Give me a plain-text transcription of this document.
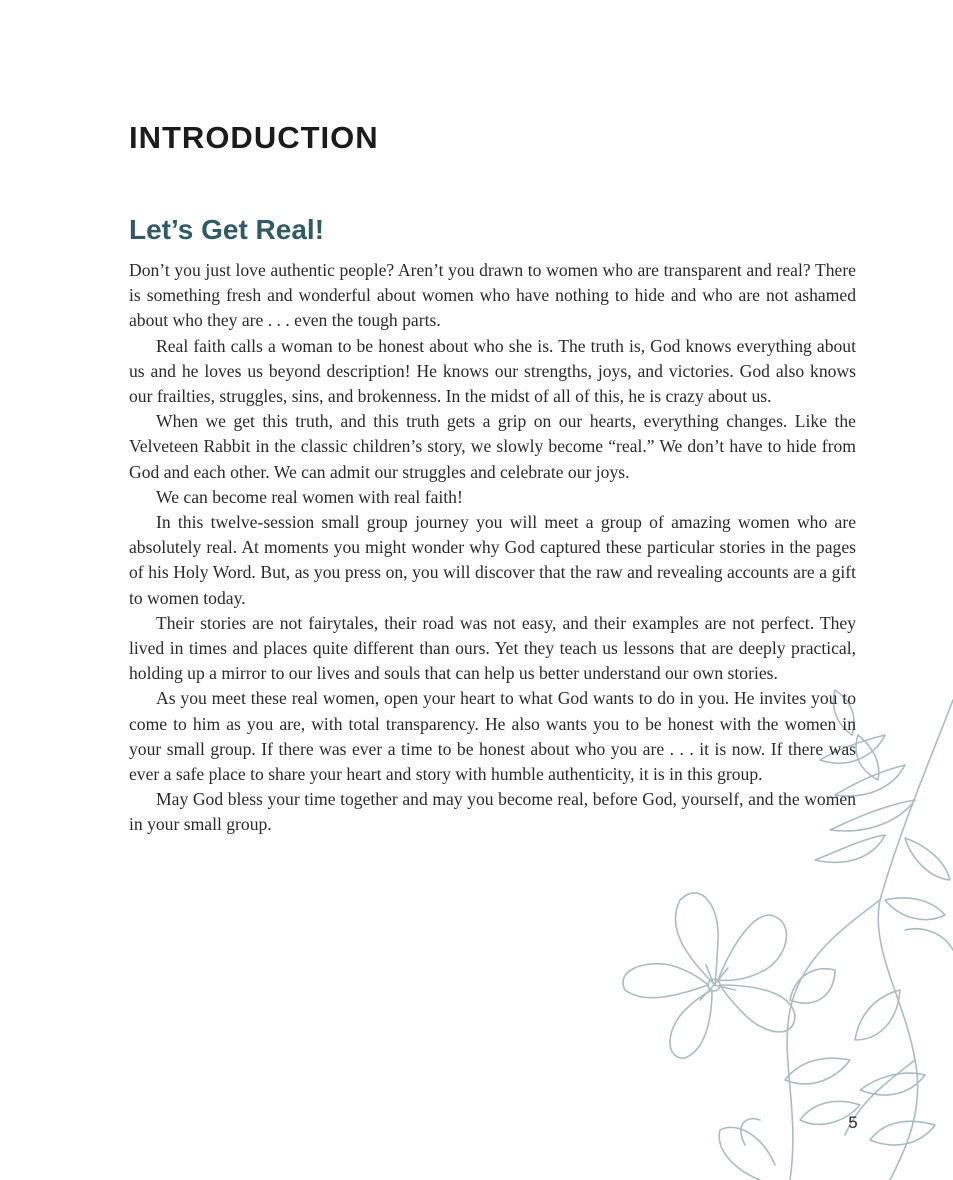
INTRODUCTION
Let’s Get Real!

Don’t you just love authentic people? Aren’t you drawn to women who are transparent and real? There is something fresh and wonderful about women who have nothing to hide and who are not ashamed about who they are . . . even the tough parts.

Real faith calls a woman to be honest about who she is. The truth is, God knows everything about us and he loves us beyond description! He knows our strengths, joys, and victories. God also knows our frailties, struggles, sins, and brokenness. In the midst of all of this, he is crazy about us.

When we get this truth, and this truth gets a grip on our hearts, everything changes. Like the Velveteen Rabbit in the classic children’s story, we slowly become “real.” We don’t have to hide from God and each other. We can admit our struggles and celebrate our joys.

We can become real women with real faith!

In this twelve-session small group journey you will meet a group of amazing women who are absolutely real. At moments you might wonder why God captured these particular stories in the pages of his Holy Word. But, as you press on, you will discover that the raw and revealing accounts are a gift to women today.

Their stories are not fairytales, their road was not easy, and their examples are not perfect. They lived in times and places quite different than ours. Yet they teach us lessons that are deeply practical, holding up a mirror to our lives and souls that can help us better understand our own stories.

As you meet these real women, open your heart to what God wants to do in you. He invites you to come to him as you are, with total transparency. He also wants you to be honest with the women in your small group. If there was ever a time to be honest about who you are . . . it is now. If there was ever a safe place to share your heart and story with humble authenticity, it is in this group.

May God bless your time together and may you become real, before God, yourself, and the women in your small group.

5
